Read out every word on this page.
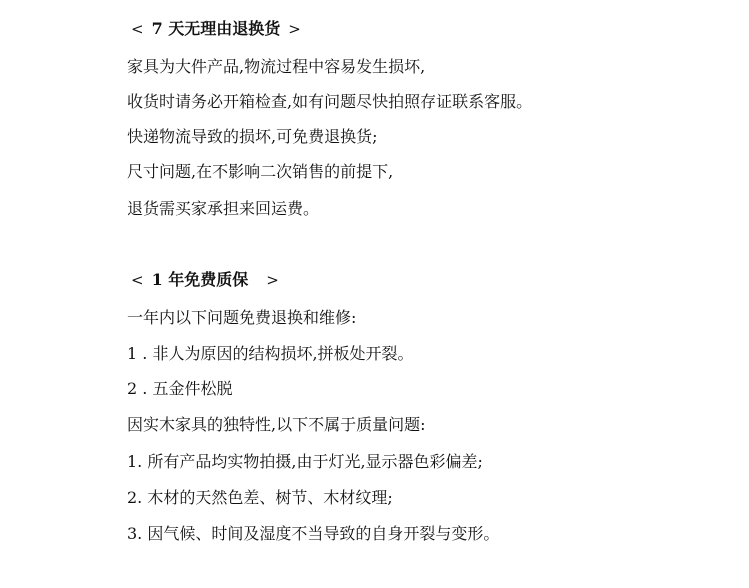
< 7 天无理由退换货 >
家具为大件产品,物流过程中容易发生损坏,
收货时请务必开箱检查,如有问题尽快拍照存证联系客服。
快递物流导致的损坏,可免费退换货;
尺寸问题,在不影响二次销售的前提下,
退货需买家承担来回运费。
< 1 年免费质保 >
一年内以下问题免费退换和维修:
1 . 非人为原因的结构损坏,拼板处开裂。
2 . 五金件松脱
因实木家具的独特性,以下不属于质量问题:
1. 所有产品均实物拍摄,由于灯光,显示器色彩偏差;
2. 木材的天然色差、树节、木材纹理;
3. 因气候、时间及湿度不当导致的自身开裂与变形。
